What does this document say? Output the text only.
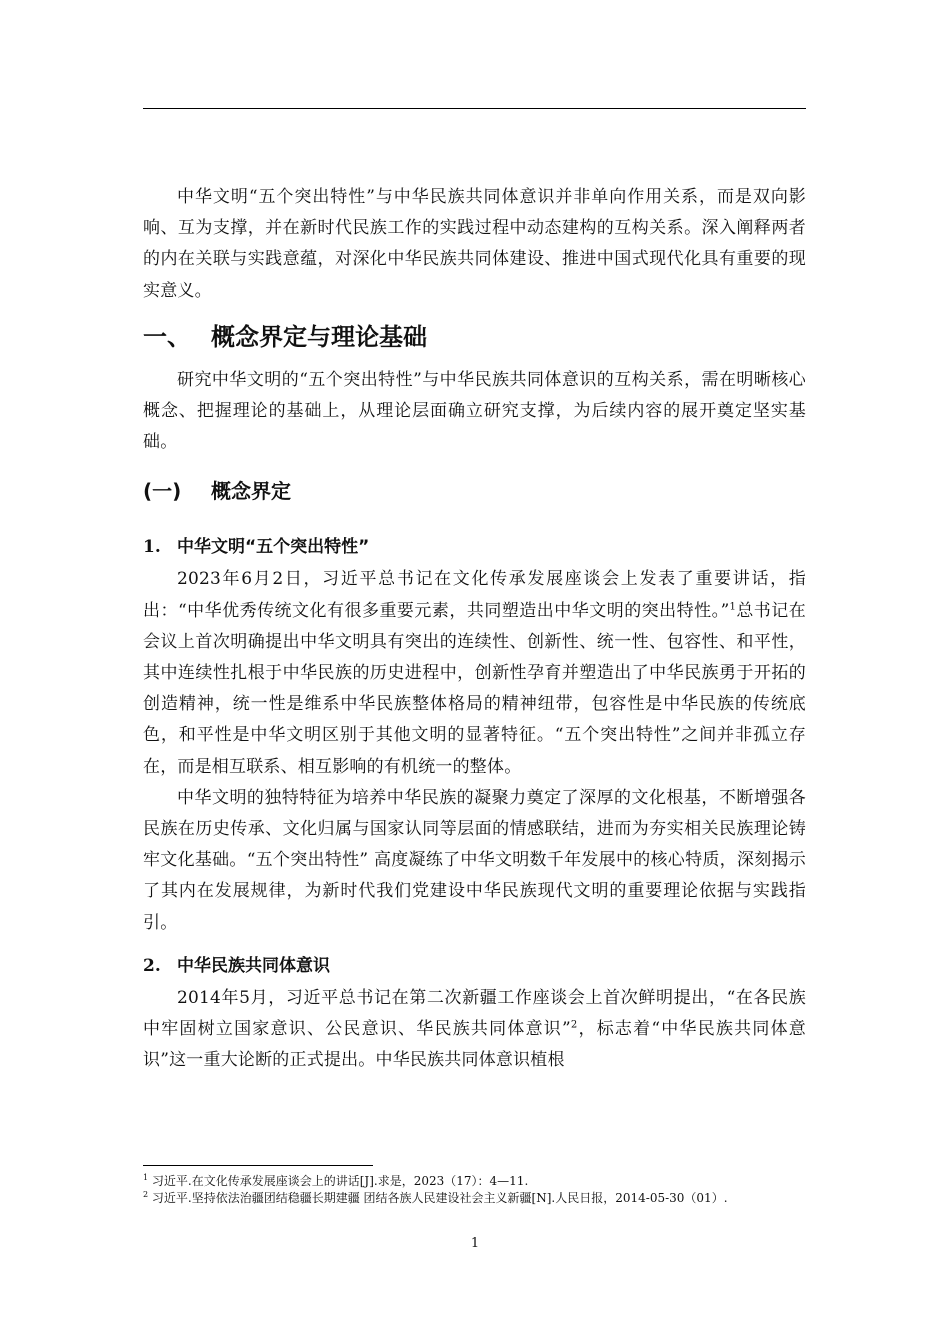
中华文明“五个突出特性”与中华民族共同体意识并非单向作用关系，而是双向影响、互为支撑，并在新时代民族工作的实践过程中动态建构的互构关系。深入阐释两者的内在关联与实践意蕴，对深化中华民族共同体建设、推进中国式现代化具有重要的现实意义。

一、 概念界定与理论基础

研究中华文明的“五个突出特性”与中华民族共同体意识的互构关系，需在明晰核心概念、把握理论的基础上，从理论层面确立研究支撑，为后续内容的展开奠定坚实基础。

(一)	概念界定
1. 中华文明“五个突出特性”

2023年6月2日，习近平总书记在文化传承发展座谈会上发表了重要讲话，指出：“中华优秀传统文化有很多重要元素，共同塑造出中华文明的突出特性。”$^1$总书记在会议上首次明确提出中华文明具有突出的连续性、创新性、统一性、包容性、和平性，其中连续性扎根于中华民族的历史进程中，创新性孕育并塑造出了中华民族勇于开拓的创造精神，统一性是维系中华民族整体格局的精神纽带，包容性是中华民族的传统底色，和平性是中华文明区别于其他文明的显著特征。“五个突出特性”之间并非孤立存在，而是相互联系、相互影响的有机统一的整体。

中华文明的独特特征为培养中华民族的凝聚力奠定了深厚的文化根基，不断增强各民族在历史传承、文化归属与国家认同等层面的情感联结，进而为夯实相关民族理论铸牢文化基础。“五个突出特性” 高度凝练了中华文明数千年发展中的核心特质，深刻揭示了其内在发展规律，为新时代我们党建设中华民族现代文明的重要理论依据与实践指引。

2. 中华民族共同体意识

2014年5月，习近平总书记在第二次新疆工作座谈会上首次鲜明提出，“在各民族中牢固树立国家意识、公民意识、华民族共同体意识”$^2$，标志着“中华民族共同体意识”这一重大论断的正式提出。中华民族共同体意识植根

$^1$ 习近平.在文化传承发展座谈会上的讲话[J].求是，2023（17）：4—11.
$^2$ 习近平.坚持依法治疆团结稳疆长期建疆 团结各族人民建设社会主义新疆[N].人民日报，2014-05-30（01）.
1
